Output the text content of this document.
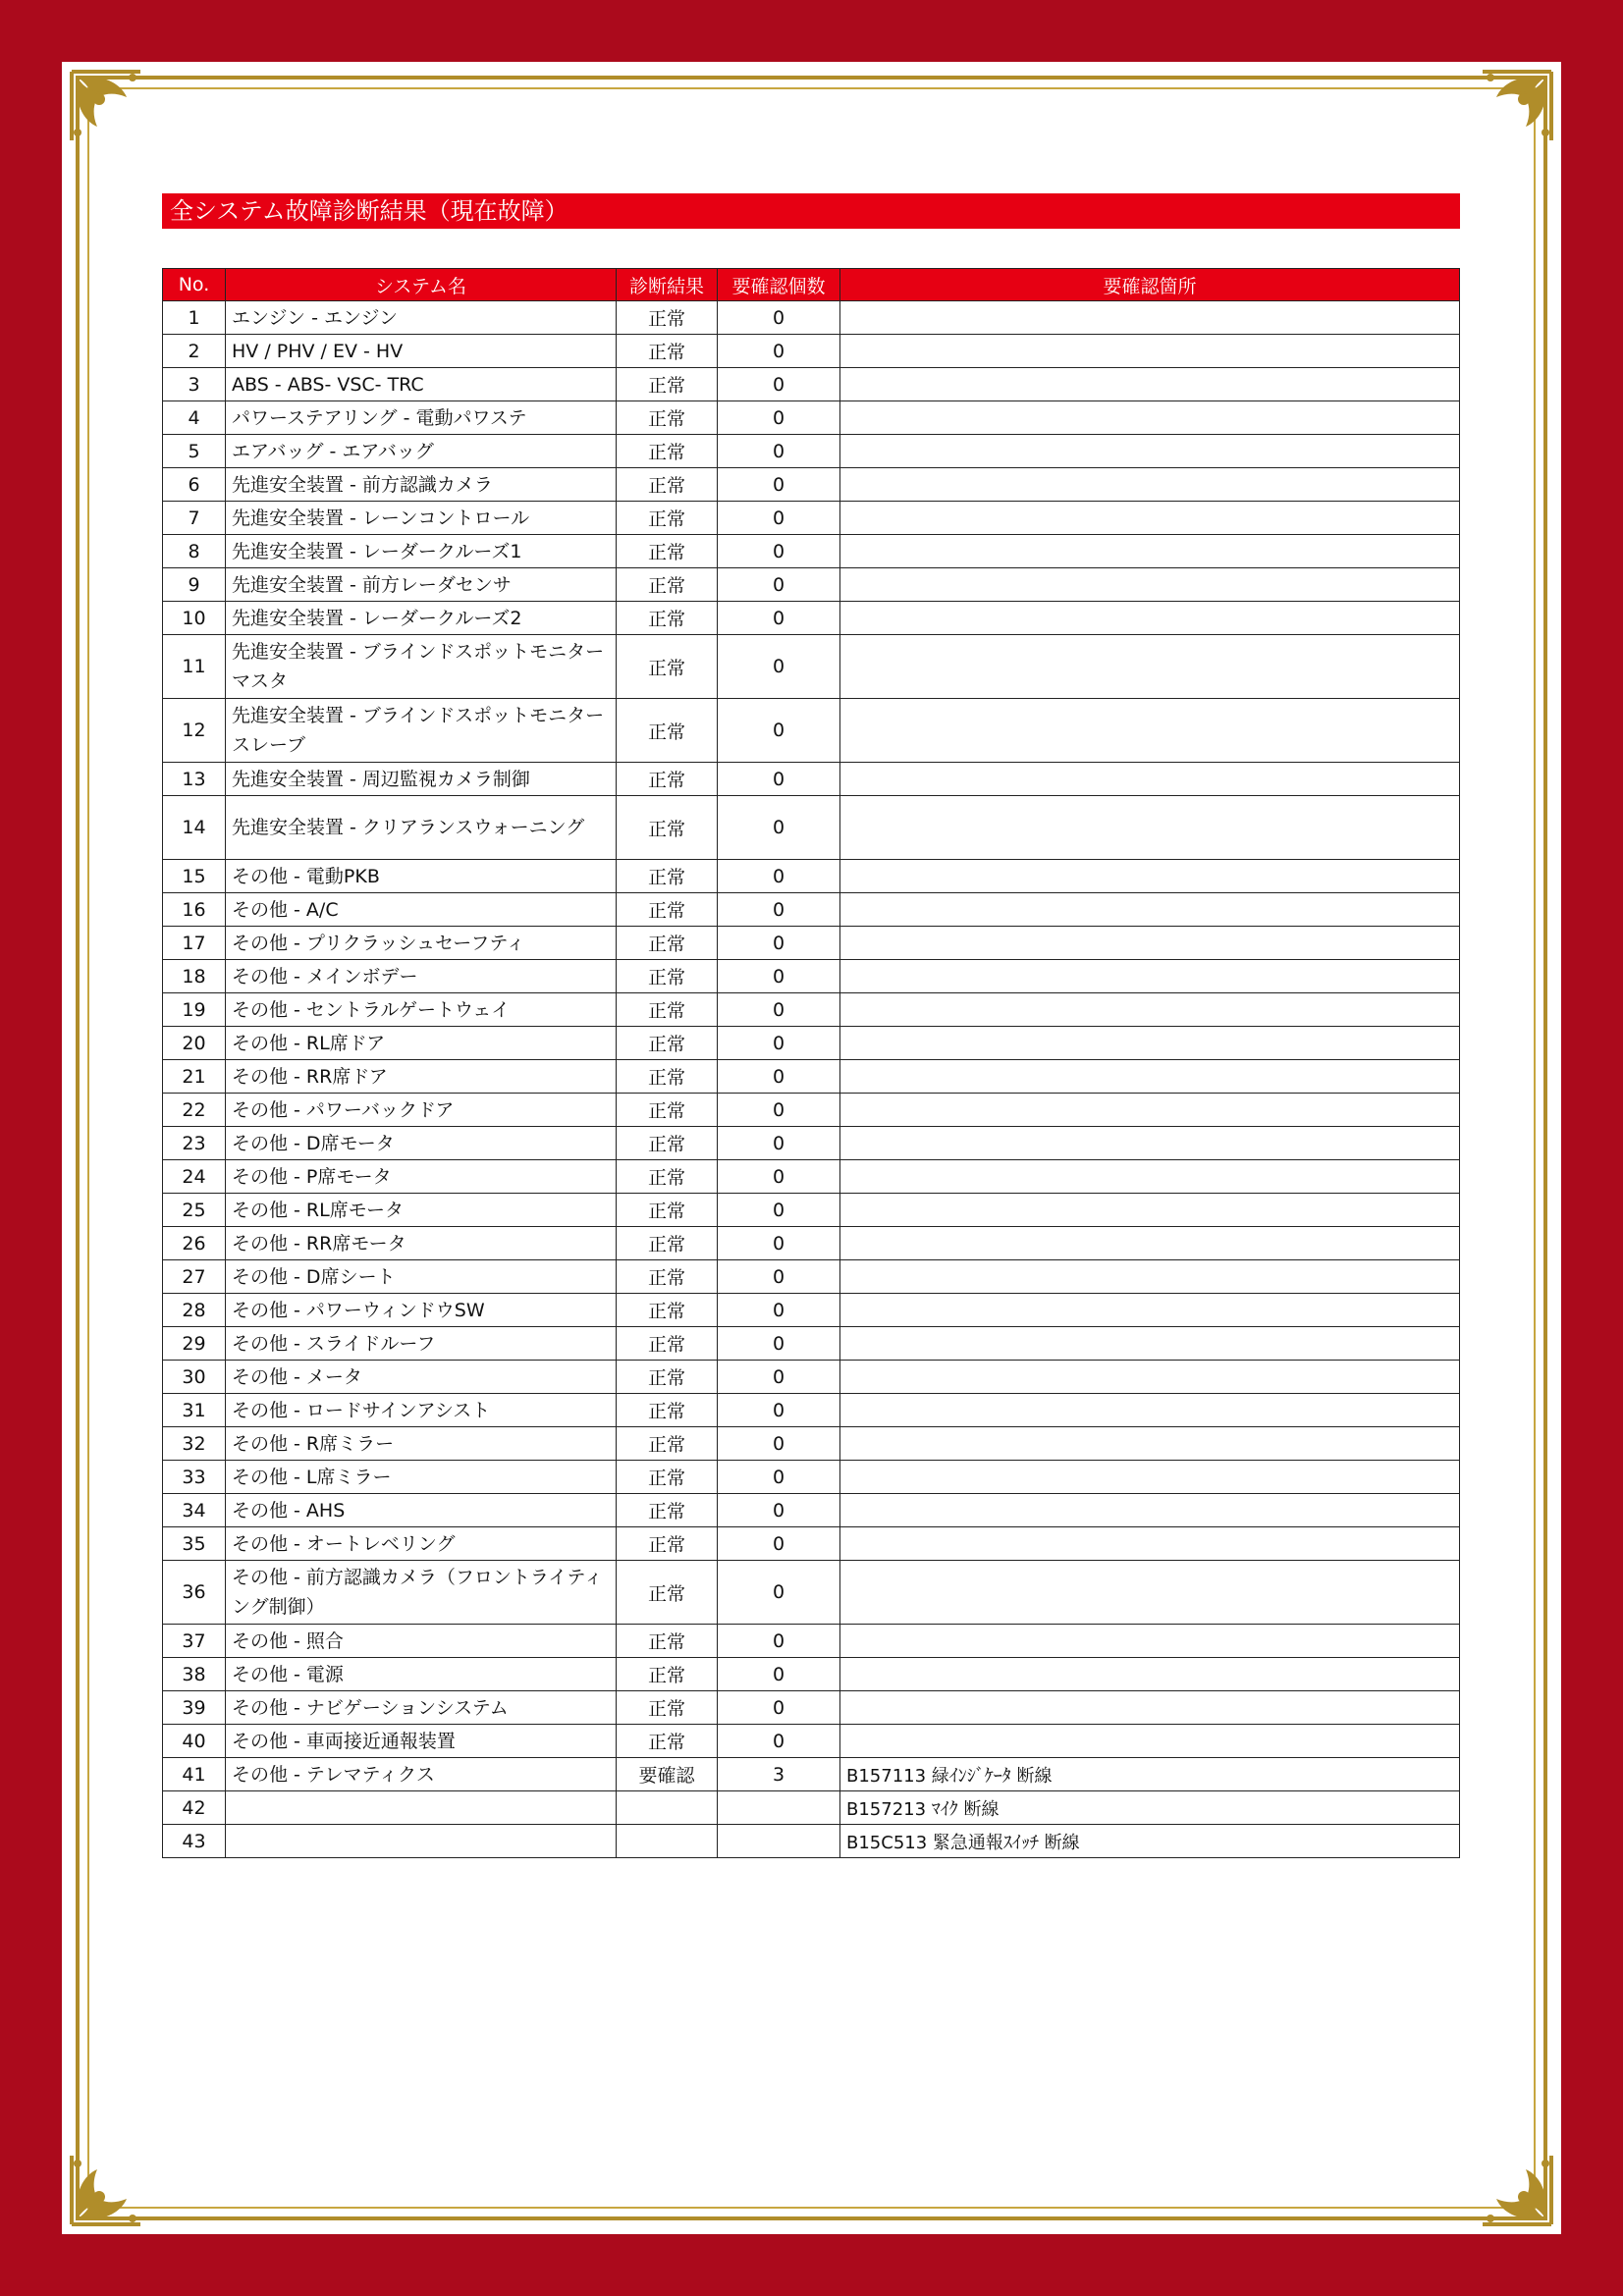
全システム故障診断結果（現在故障）
No.	システム名	診断結果	要確認個数	要確認箇所
1	エンジン - エンジン	正常	0	
2	HV / PHV / EV - HV	正常	0	
3	ABS - ABS- VSC- TRC	正常	0	
4	パワーステアリング - 電動パワステ	正常	0	
5	エアバッグ - エアバッグ	正常	0	
6	先進安全装置 - 前方認識カメラ	正常	0	
7	先進安全装置 - レーンコントロール	正常	0	
8	先進安全装置 - レーダークルーズ1	正常	0	
9	先進安全装置 - 前方レーダセンサ	正常	0	
10	先進安全装置 - レーダークルーズ2	正常	0	
11	先進安全装置 - ブラインドスポットモニター マスタ	正常	0	
12	先進安全装置 - ブラインドスポットモニター スレーブ	正常	0	
13	先進安全装置 - 周辺監視カメラ制御	正常	0	
14	先進安全装置 - クリアランスウォーニング	正常	0	
15	その他 - 電動PKB	正常	0	
16	その他 - A/C	正常	0	
17	その他 - プリクラッシュセーフティ	正常	0	
18	その他 - メインボデー	正常	0	
19	その他 - セントラルゲートウェイ	正常	0	
20	その他 - RL席ドア	正常	0	
21	その他 - RR席ドア	正常	0	
22	その他 - パワーバックドア	正常	0	
23	その他 - D席モータ	正常	0	
24	その他 - P席モータ	正常	0	
25	その他 - RL席モータ	正常	0	
26	その他 - RR席モータ	正常	0	
27	その他 - D席シート	正常	0	
28	その他 - パワーウィンドウSW	正常	0	
29	その他 - スライドルーフ	正常	0	
30	その他 - メータ	正常	0	
31	その他 - ロードサインアシスト	正常	0	
32	その他 - R席ミラー	正常	0	
33	その他 - L席ミラー	正常	0	
34	その他 - AHS	正常	0	
35	その他 - オートレベリング	正常	0	
36	その他 - 前方認識カメラ（フロントライティング制御）	正常	0	
37	その他 - 照合	正常	0	
38	その他 - 電源	正常	0	
39	その他 - ナビゲーションシステム	正常	0	
40	その他 - 車両接近通報装置	正常	0	
41	その他 - テレマティクス	要確認	3	B157113 緑ｲﾝｼﾞｹｰﾀ 断線
42				B157213 ﾏｲｸ 断線
43				B15C513 緊急通報ｽｲｯﾁ 断線
